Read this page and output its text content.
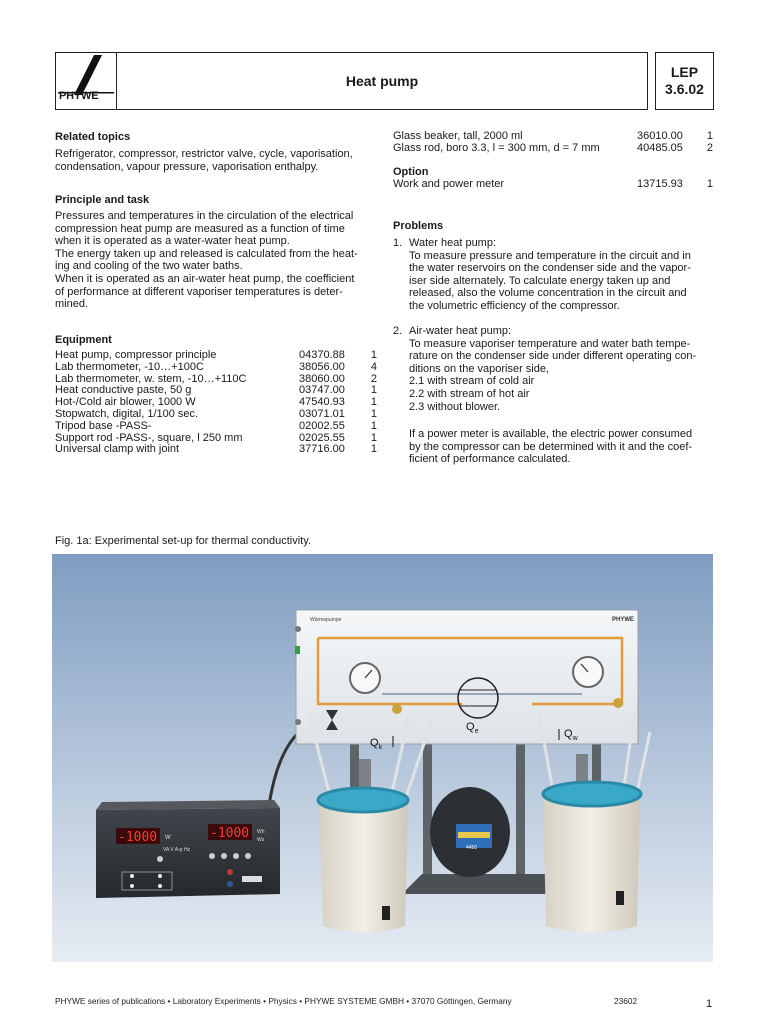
PHYWE
Heat pump
LEP
3.6.02
Related topics
Refrigerator, compressor, restrictor valve, cycle, vaporisation,
condensation, vapour pressure, vaporisation enthalpy.
Principle and task
Pressures and temperatures in the circulation of the electrical
compression heat pump are measured as a function of time
when it is operated as a water-water heat pump.
The energy taken up and released is calculated from the heat-
ing and cooling of the two water baths.
When it is operated as an air-water heat pump, the coefficient
of performance at different vaporiser temperatures is deter-
mined.
Equipment
Heat pump, compressor principle	04370.88	1
Lab thermometer, -10…+100C	38056.00	4
Lab thermometer, w. stem, -10…+110C	38060.00	2
Heat conductive paste, 50 g	03747.00	1
Hot-/Cold air blower, 1000 W	47540.93	1
Stopwatch, digital, 1/100 sec.	03071.01	1
Tripod base -PASS-	02002.55	1
Support rod -PASS-, square, l 250 mm	02025.55	1
Universal clamp with joint	37716.00	1
Glass beaker, tall, 2000 ml	36010.00	1
Glass rod, boro 3.3, l = 300 mm, d = 7 mm	40485.05	2
Option
Work and power meter	13715.93	1
Problems
1. Water heat pump:
To measure pressure and temperature in the circuit and in
the water reservoirs on the condenser side and the vapor-
iser side alternately. To calculate energy taken up and
released, also the volume concentration in the circuit and
the volumetric efficiency of the compressor.
2. Air-water heat pump:
To measure vaporiser temperature and water bath tempe-
rature on the condenser side under different operating con-
ditions on the vaporiser side,
2.1 with stream of cold air
2.2 with stream of hot air
2.3 without blower.
If a power meter is available, the electric power consumed
by the compressor can be determined with it and the coef-
ficient of performance calculated.
Fig. 1a: Experimental set-up for thermal conductivity.
Wärmepumpe	PHYWE
$Q_k$
$Q_e$	$Q_w$
4450
-1000	-1000
W
Wh
Ws
VA V A φ Hz
PHYWE series of publications • Laboratory Experiments • Physics • PHYWE SYSTEME GMBH • 37070 Göttingen, Germany	23602	1
